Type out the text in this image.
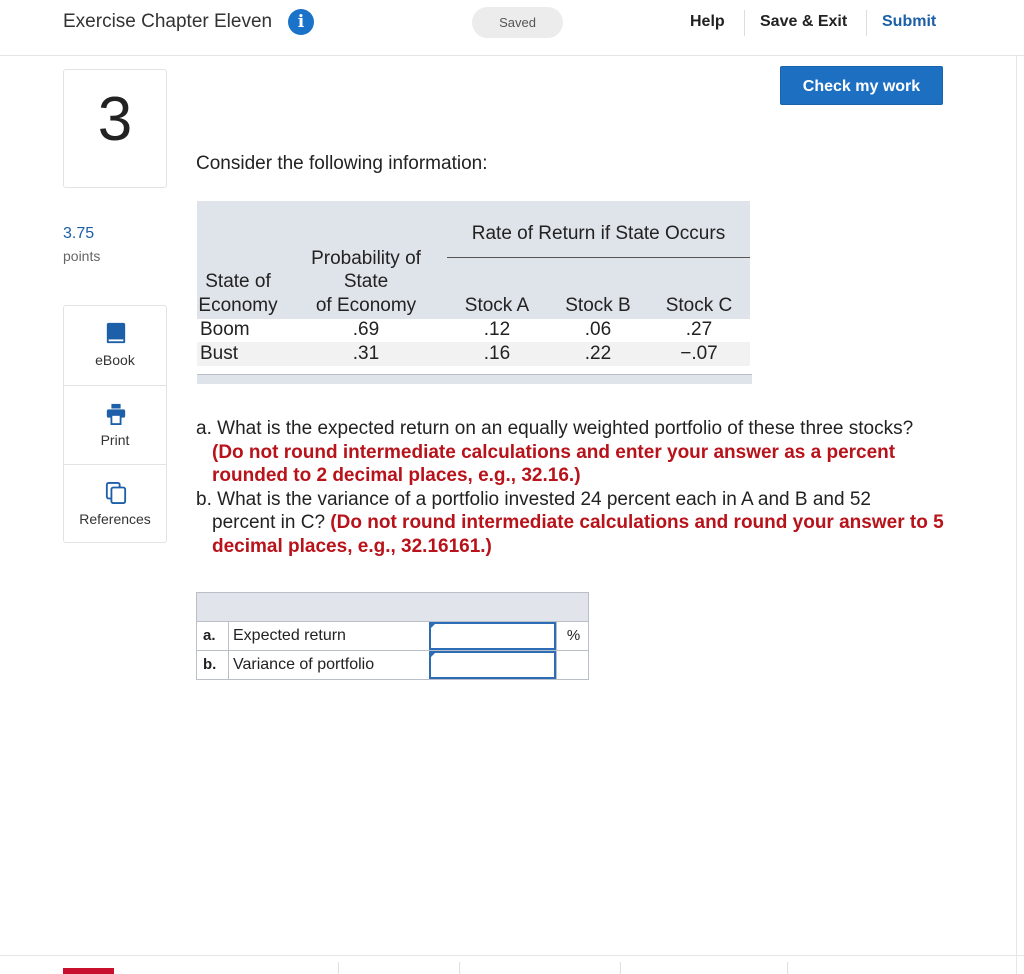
Exercise Chapter Eleven	i	Saved	Help Save & Exit Submit
3
3.75
points
eBook
Print
References
Check my work
Consider the following information:
Rate of Return if State Occurs
State of
Economy
Probability of
State
of Economy	Stock A	Stock B	Stock C
Boom	.69	.12	.06	.27
Bust	.31	.16	.22	−.07
a. What is the expected return on an equally weighted portfolio of these three stocks?
(Do not round intermediate calculations and enter your answer as a percent
rounded to 2 decimal places, e.g., 32.16.)
b. What is the variance of a portfolio invested 24 percent each in A and B and 52
percent in C? (Do not round intermediate calculations and round your answer to 5
decimal places, e.g., 32.16161.)
a.	Expected return	%
b.	Variance of portfolio
